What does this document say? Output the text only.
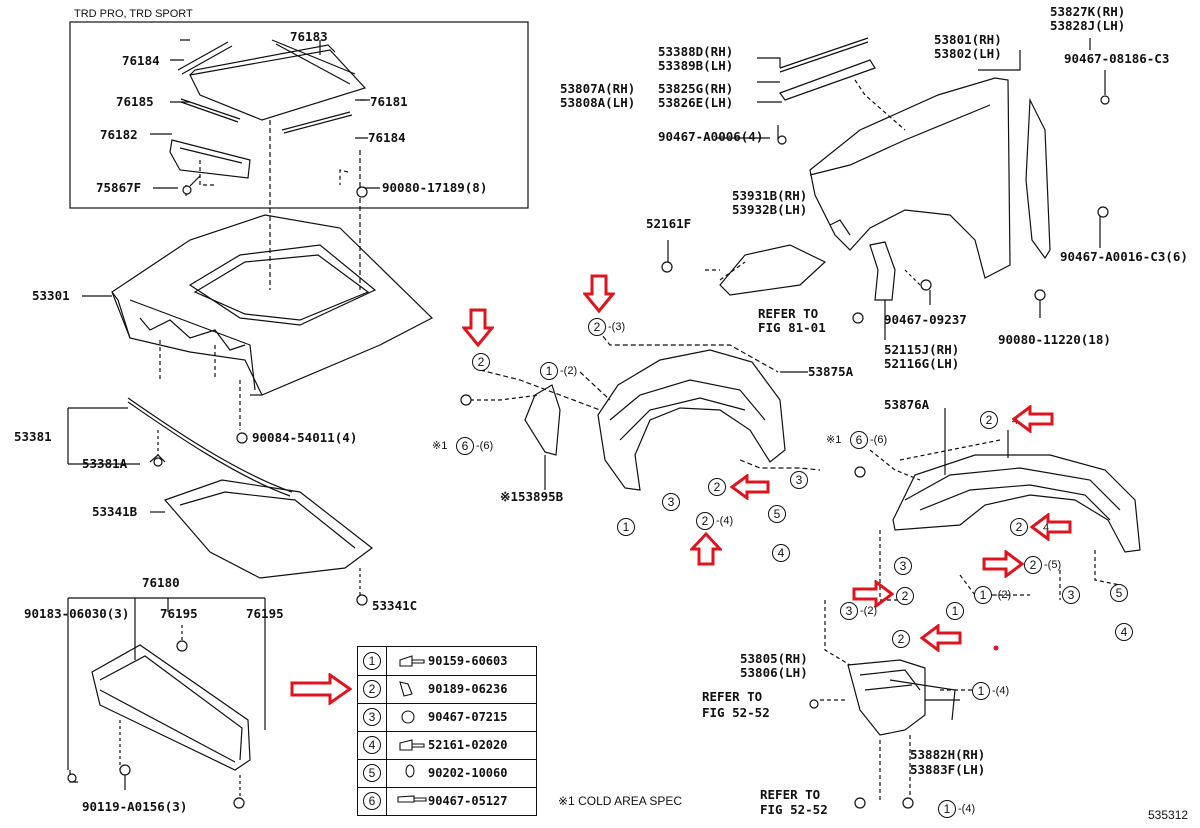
TRD PRO, TRD SPORT
76184
76183
76185	76181
76182	76184
75867F	90080-17189(8)
53301
53381	90084-54011(4)
53381A
53341B
53341C
76180
90183-06030(3) 76195	76195
90119-A0156(3)
53388D(RH)
53389B(LH)
53807A(RH)
53808A(LH)
53825G(RH)
53826E(LH)
90467-A0006(4)
53801(RH)
53802(LH)
53827K(RH)
53828J(LH)
90467-08186-C3
53931B(RH)
53932B(LH)
52161F
90467-A0016-C3(6)
REFER TO
FIG 81-01
90467-09237
90080-11220(18)
52115J(RH)
52116G(LH)
53875A
※153895B
53876A
53805(RH)
53806(LH)
REFER TO
FIG 52-52
REFER TO
FIG 52-52
53882H(RH)
53883F(LH)
2
2 -(3)
1 -(2)
※1	6 -(6)
3
1	2 -(4)
2	3
5
4
※1	6 -(6)
2	4
2	4
2 -(5)
3
3 -(2)
2
1
1 -(2)	3	5
4
2
1 -(4)
1 -(4)
1	90159-60603
2	90189-06236
3	90467-07215
4	52161-02020
5	90202-10060
6	90467-05127	※1 COLD AREA SPEC
535312
